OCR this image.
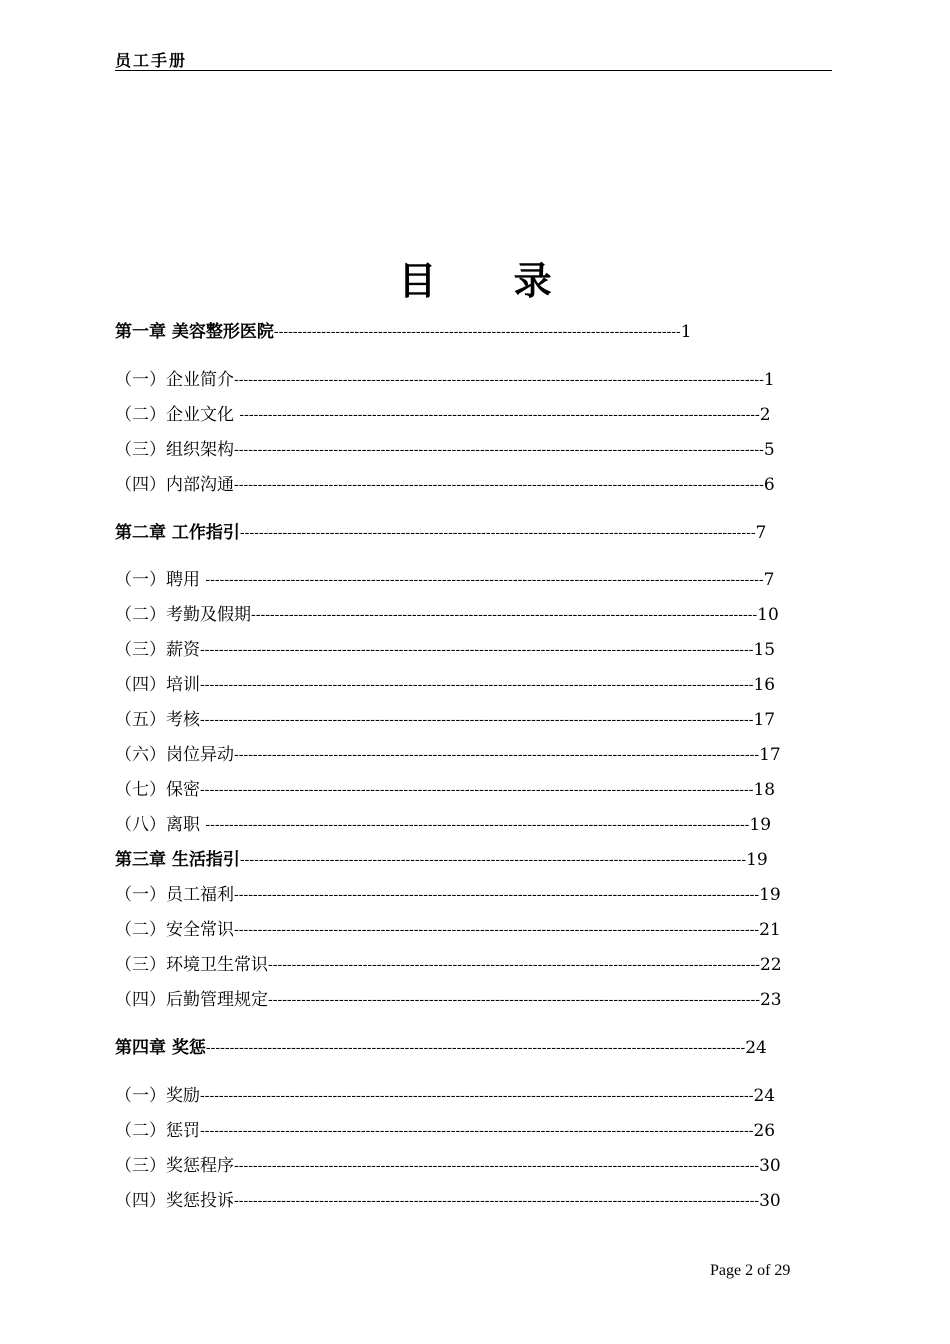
员工手册
目 录
第一章 美容整形医院--------------------------------------------------------------------------------------1
（一）企业简介----------------------------------------------------------------------------------------------------------------1
（二）企业文化 --------------------------------------------------------------------------------------------------------------2
（三）组织架构----------------------------------------------------------------------------------------------------------------5
（四）内部沟通----------------------------------------------------------------------------------------------------------------6
第二章 工作指引-------------------------------------------------------------------------------------------------------------7
（一）聘用 ----------------------------------------------------------------------------------------------------------------------7
（二）考勤及假期-----------------------------------------------------------------------------------------------------------10
（三）薪资---------------------------------------------------------------------------------------------------------------------15
（四）培训---------------------------------------------------------------------------------------------------------------------16
（五）考核---------------------------------------------------------------------------------------------------------------------17
（六）岗位异动---------------------------------------------------------------------------------------------------------------17
（七）保密---------------------------------------------------------------------------------------------------------------------18
（八）离职 -------------------------------------------------------------------------------------------------------------------19
第三章 生活指引-----------------------------------------------------------------------------------------------------------19
（一）员工福利---------------------------------------------------------------------------------------------------------------19
（二）安全常识---------------------------------------------------------------------------------------------------------------21
（三）环境卫生常识--------------------------------------------------------------------------------------------------------22
（四）后勤管理规定--------------------------------------------------------------------------------------------------------23
第四章 奖惩------------------------------------------------------------------------------------------------------------------24
（一）奖励---------------------------------------------------------------------------------------------------------------------24
（二）惩罚---------------------------------------------------------------------------------------------------------------------26
（三）奖惩程序---------------------------------------------------------------------------------------------------------------30
（四）奖惩投诉---------------------------------------------------------------------------------------------------------------30
Page 2 of 29
